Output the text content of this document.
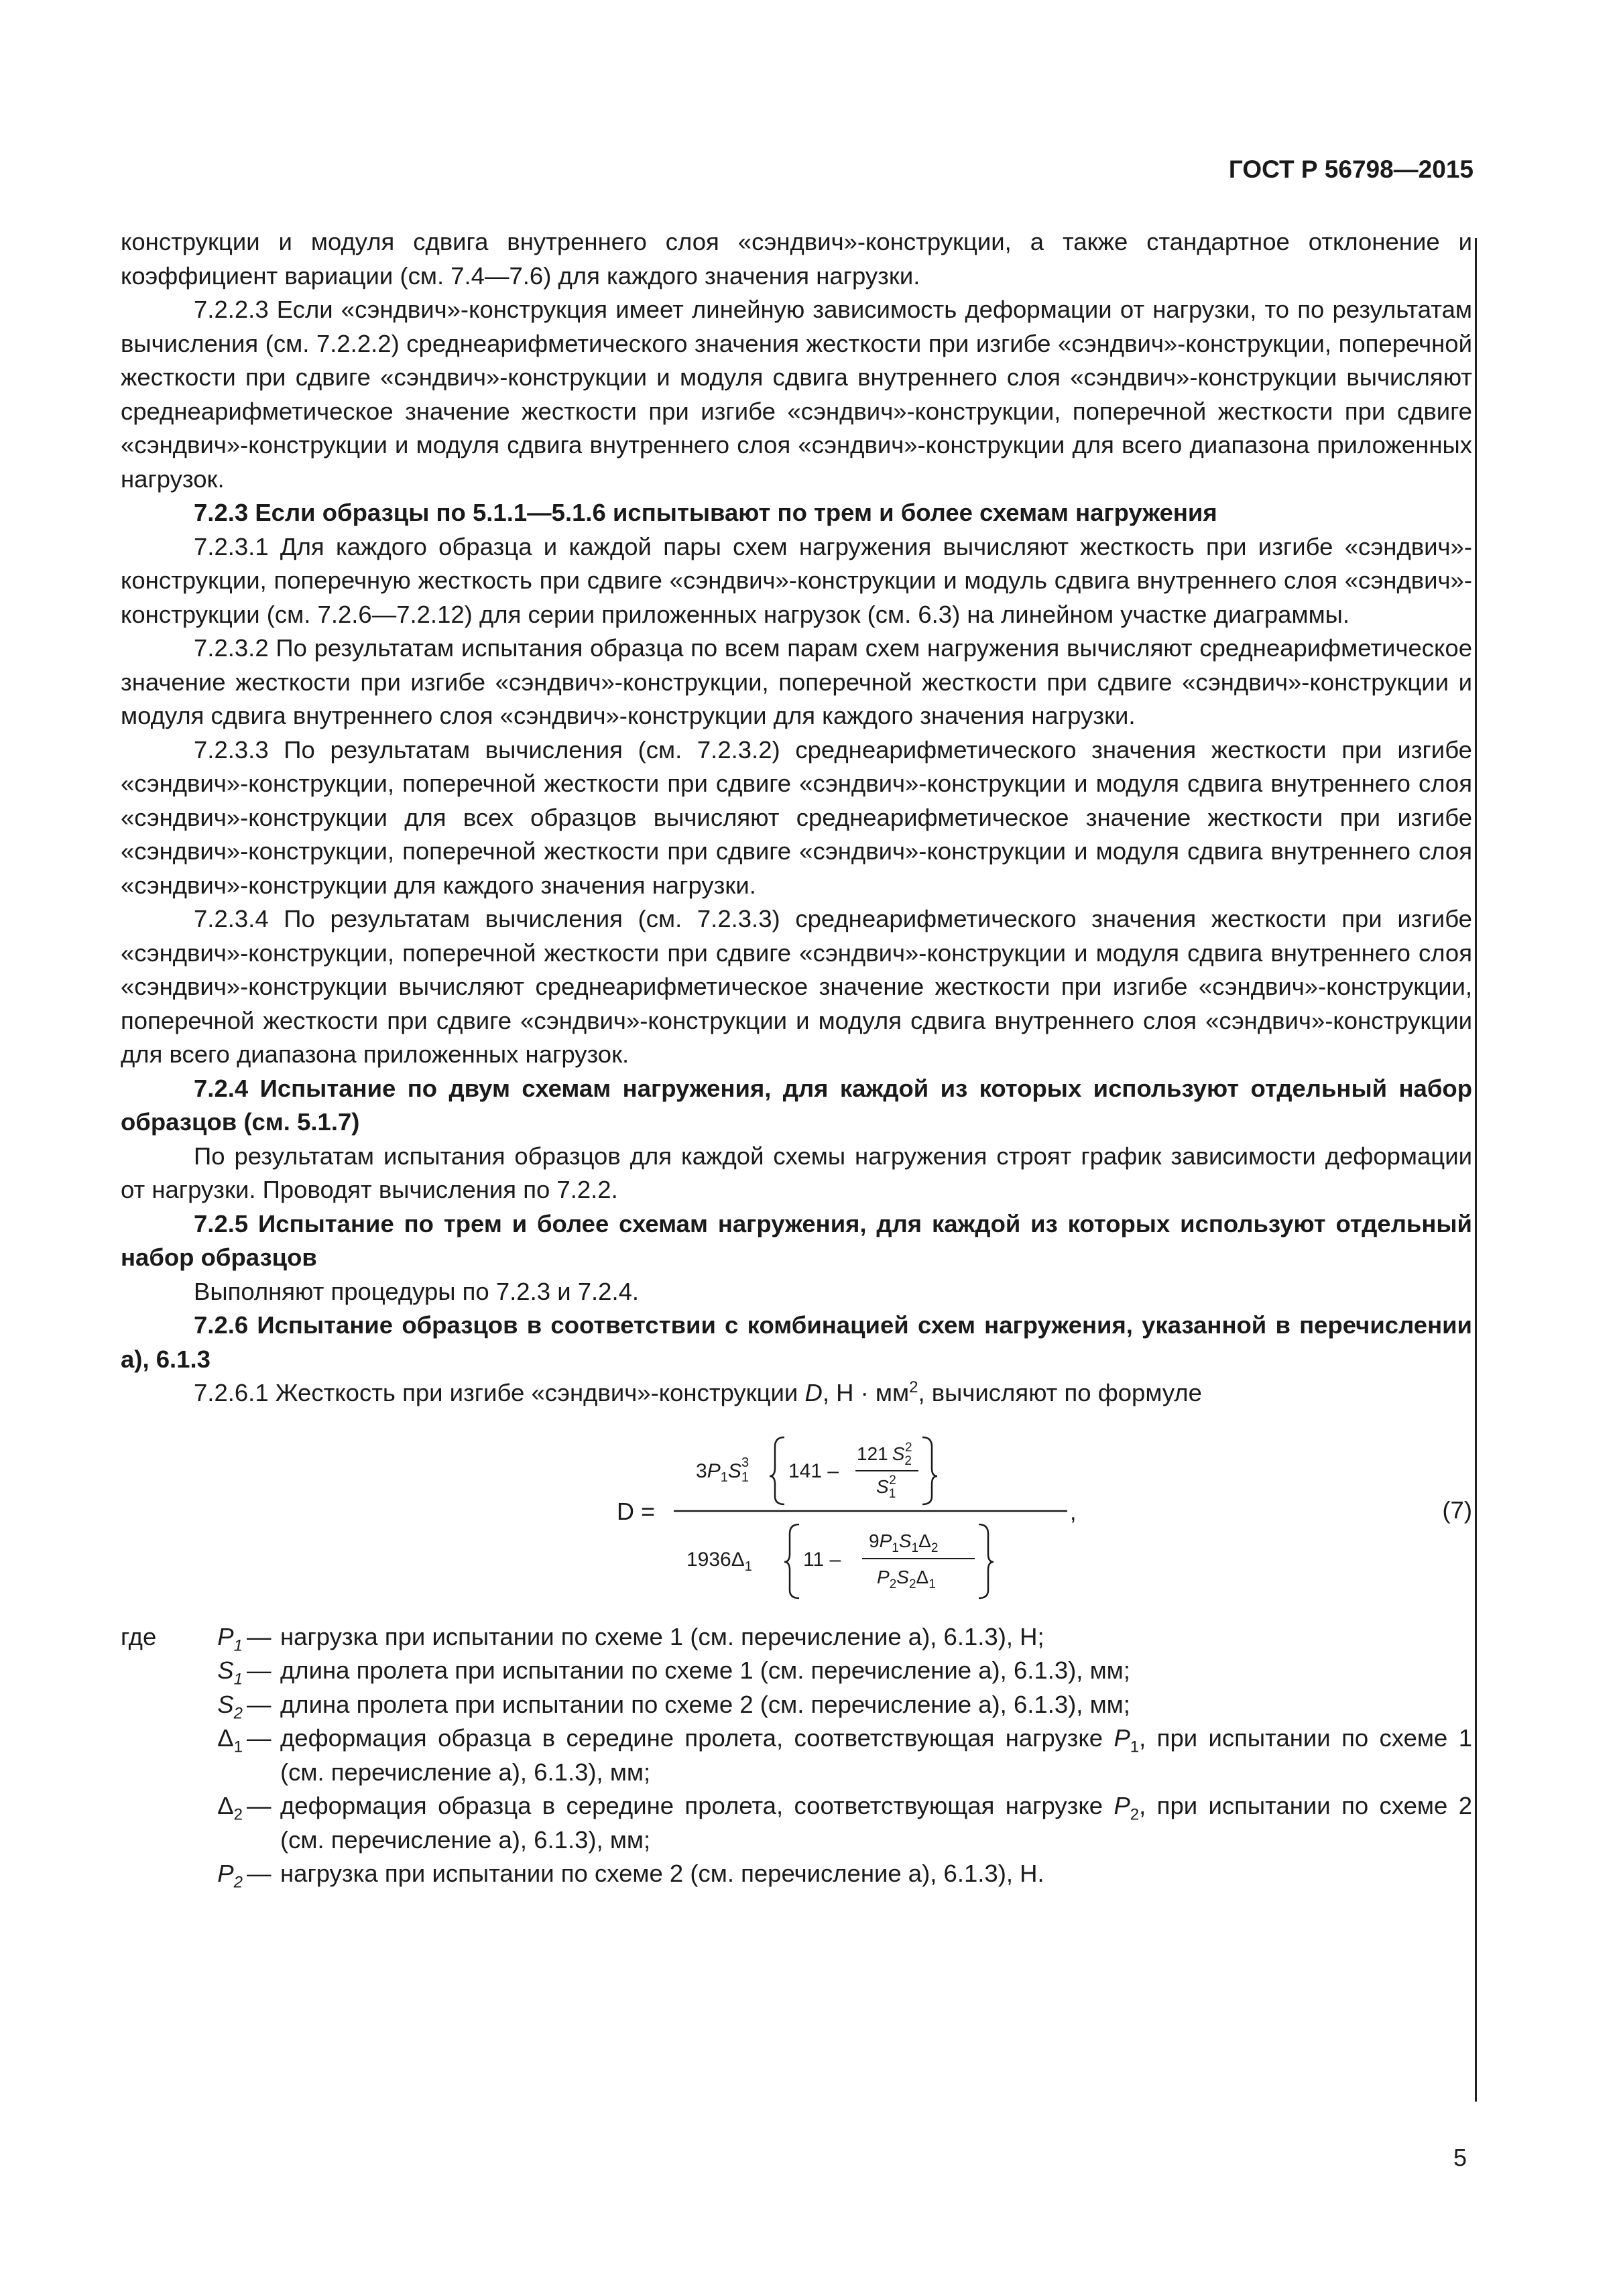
ГОСТ Р 56798—2015

конструкции и модуля сдвига внутреннего слоя «сэндвич»-конструкции, а также стандартное отклонение и коэффициент вариации (см. 7.4—7.6) для каждого значения нагрузки.

7.2.2.3 Если «сэндвич»-конструкция имеет линейную зависимость деформации от нагрузки, то по результатам вычисления (см. 7.2.2.2) среднеарифметического значения жесткости при изгибе «сэндвич»-конструкции, поперечной жесткости при сдвиге «сэндвич»-конструкции и модуля сдвига внутреннего слоя «сэндвич»-конструкции вычисляют среднеарифметическое значение жесткости при изгибе «сэндвич»-конструкции, поперечной жесткости при сдвиге «сэндвич»-конструкции и модуля сдвига внутреннего слоя «сэндвич»-конструкции для всего диапазона приложенных нагрузок.

7.2.3 Если образцы по 5.1.1—5.1.6 испытывают по трем и более схемам нагружения

7.2.3.1 Для каждого образца и каждой пары схем нагружения вычисляют жесткость при изгибе «сэндвич»-конструкции, поперечную жесткость при сдвиге «сэндвич»-конструкции и модуль сдвига внутреннего слоя «сэндвич»-конструкции (см. 7.2.6—7.2.12) для серии приложенных нагрузок (см. 6.3) на линейном участке диаграммы.

7.2.3.2 По результатам испытания образца по всем парам схем нагружения вычисляют среднеарифметическое значение жесткости при изгибе «сэндвич»-конструкции, поперечной жесткости при сдвиге «сэндвич»-конструкции и модуля сдвига внутреннего слоя «сэндвич»-конструкции для каждого значения нагрузки.

7.2.3.3 По результатам вычисления (см. 7.2.3.2) среднеарифметического значения жесткости при изгибе «сэндвич»-конструкции, поперечной жесткости при сдвиге «сэндвич»-конструкции и модуля сдвига внутреннего слоя «сэндвич»-конструкции для всех образцов вычисляют среднеарифметическое значение жесткости при изгибе «сэндвич»-конструкции, поперечной жесткости при сдвиге «сэндвич»-конструкции и модуля сдвига внутреннего слоя «сэндвич»-конструкции для каждого значения нагрузки.

7.2.3.4 По результатам вычисления (см. 7.2.3.3) среднеарифметического значения жесткости при изгибе «сэндвич»-конструкции, поперечной жесткости при сдвиге «сэндвич»-конструкции и модуля сдвига внутреннего слоя «сэндвич»-конструкции вычисляют среднеарифметическое значение жесткости при изгибе «сэндвич»-конструкции, поперечной жесткости при сдвиге «сэндвич»-конструкции и модуля сдвига внутреннего слоя «сэндвич»-конструкции для всего диапазона приложенных нагрузок.

7.2.4 Испытание по двум схемам нагружения, для каждой из которых используют отдельный набор образцов (см. 5.1.7)

По результатам испытания образцов для каждой схемы нагружения строят график зависимости деформации от нагрузки. Проводят вычисления по 7.2.2.

7.2.5 Испытание по трем и более схемам нагружения, для каждой из которых используют отдельный набор образцов

Выполняют процедуры по 7.2.3 и 7.2.4.

7.2.6 Испытание образцов в соответствии с комбинацией схем нагружения, указанной в перечислении а), 6.1.3

7.2.6.1 Жесткость при изгибе «сэндвич»-конструкции D, $Н \cdot мм^2$, вычисляют по формуле

D =
$3P_1S_13$ 141 –
121 $S_22$
$S_12$
$1936\Delta_1$	11 –
$9P_1S_1\Delta_2$
$P_2S_2\Delta_1$
,	(7)
где $P_1$ — нагрузка при испытании по схеме 1 (см. перечисление а), 6.1.3), Н;
$S_1$ — длина пролета при испытании по схеме 1 (см. перечисление а), 6.1.3), мм;
$S_2$ — длина пролета при испытании по схеме 2 (см. перечисление а), 6.1.3), мм;
$\Delta_1$ — деформация образца в середине пролета, соответствующая нагрузке $P_1$, при испытании по схеме 1 (см. перечисление а), 6.1.3), мм;
$\Delta_2$ — деформация образца в середине пролета, соответствующая нагрузке $P_2$, при испытании по схеме 2 (см. перечисление а), 6.1.3), мм;
$P_2$ — нагрузка при испытании по схеме 2 (см. перечисление а), 6.1.3), Н.
5
